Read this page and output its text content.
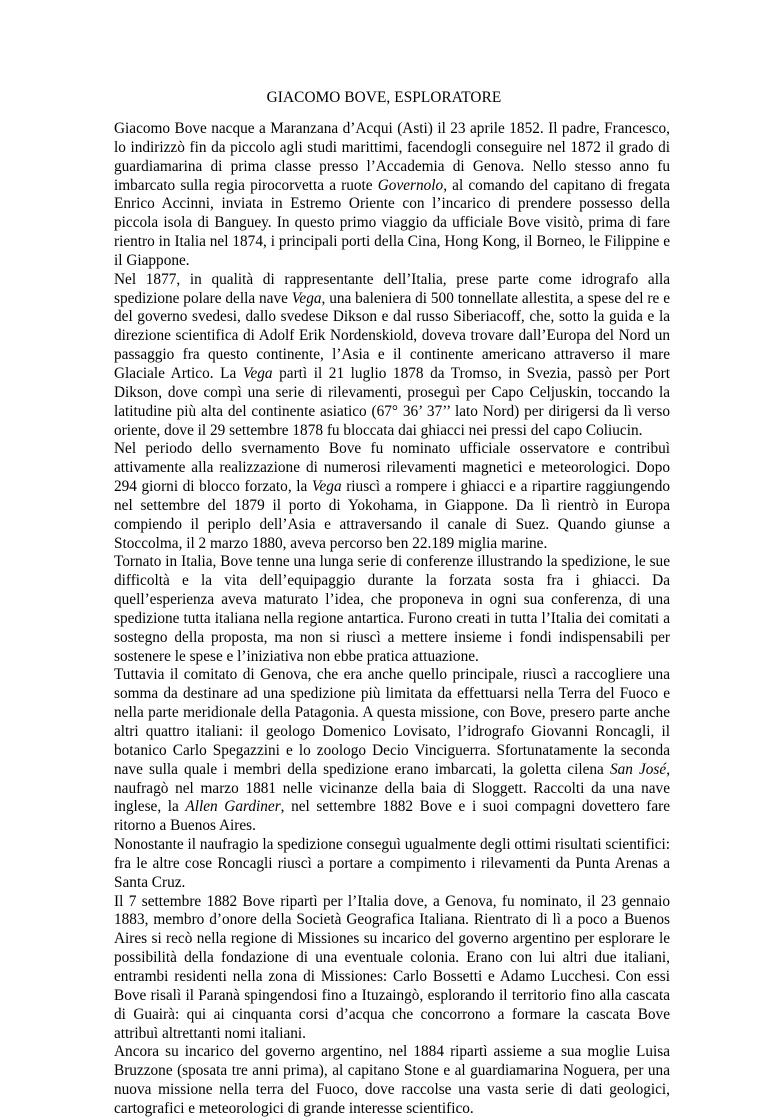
GIACOMO BOVE, ESPLORATORE

Giacomo Bove nacque a Maranzana d’Acqui (Asti) il 23 aprile 1852. Il padre, Francesco, lo indirizzò fin da piccolo agli studi marittimi, facendogli conseguire nel 1872 il grado di guardiamarina di prima classe presso l’Accademia di Genova. Nello stesso anno fu imbarcato sulla regia pirocorvetta a ruote Governolo, al comando del capitano di fregata Enrico Accinni, inviata in Estremo Oriente con l’incarico di prendere possesso della piccola isola di Banguey. In questo primo viaggio da ufficiale Bove visitò, prima di fare rientro in Italia nel 1874, i principali porti della Cina, Hong Kong, il Borneo, le Filippine e il Giappone.

Nel 1877, in qualità di rappresentante dell’Italia, prese parte come idrografo alla spedizione polare della nave Vega, una baleniera di 500 tonnellate allestita, a spese del re e del governo svedesi, dallo svedese Dikson e dal russo Siberiacoff, che, sotto la guida e la direzione scientifica di Adolf Erik Nordenskiold, doveva trovare dall’Europa del Nord un passaggio fra questo continente, l’Asia e il continente americano attraverso il mare Glaciale Artico. La Vega partì il 21 luglio 1878 da Tromso, in Svezia, passò per Port Dikson, dove compì una serie di rilevamenti, proseguì per Capo Celjuskin, toccando la latitudine più alta del continente asiatico (67° 36’ 37’’ lato Nord) per dirigersi da lì verso oriente, dove il 29 settembre 1878 fu bloccata dai ghiacci nei pressi del capo Coliucin.

Nel periodo dello svernamento Bove fu nominato ufficiale osservatore e contribuì attivamente alla realizzazione di numerosi rilevamenti magnetici e meteorologici. Dopo 294 giorni di blocco forzato, la Vega riuscì a rompere i ghiacci e a ripartire raggiungendo nel settembre del 1879 il porto di Yokohama, in Giappone. Da lì rientrò in Europa compiendo il periplo dell’Asia e attraversando il canale di Suez. Quando giunse a Stoccolma, il 2 marzo 1880, aveva percorso ben 22.189 miglia marine.

Tornato in Italia, Bove tenne una lunga serie di conferenze illustrando la spedizione, le sue difficoltà e la vita dell’equipaggio durante la forzata sosta fra i ghiacci. Da quell’esperienza aveva maturato l’idea, che proponeva in ogni sua conferenza, di una spedizione tutta italiana nella regione antartica. Furono creati in tutta l’Italia dei comitati a sostegno della proposta, ma non si riuscì a mettere insieme i fondi indispensabili per sostenere le spese e l’iniziativa non ebbe pratica attuazione.

Tuttavia il comitato di Genova, che era anche quello principale, riuscì a raccogliere una somma da destinare ad una spedizione più limitata da effettuarsi nella Terra del Fuoco e nella parte meridionale della Patagonia. A questa missione, con Bove, presero parte anche altri quattro italiani: il geologo Domenico Lovisato, l’idrografo Giovanni Roncagli, il botanico Carlo Spegazzini e lo zoologo Decio Vinciguerra. Sfortunatamente la seconda nave sulla quale i membri della spedizione erano imbarcati, la goletta cilena San José, naufragò nel marzo 1881 nelle vicinanze della baia di Sloggett. Raccolti da una nave inglese, la Allen Gardiner, nel settembre 1882 Bove e i suoi compagni dovettero fare ritorno a Buenos Aires.

Nonostante il naufragio la spedizione conseguì ugualmente degli ottimi risultati scientifici: fra le altre cose Roncagli riuscì a portare a compimento i rilevamenti da Punta Arenas a Santa Cruz.

Il 7 settembre 1882 Bove ripartì per l’Italia dove, a Genova, fu nominato, il 23 gennaio 1883, membro d’onore della Società Geografica Italiana. Rientrato di lì a poco a Buenos Aires si recò nella regione di Missiones su incarico del governo argentino per esplorare le possibilità della fondazione di una eventuale colonia. Erano con lui altri due italiani, entrambi residenti nella zona di Missiones: Carlo Bossetti e Adamo Lucchesi. Con essi Bove risalì il Paranà spingendosi fino a Ituzaingò, esplorando il territorio fino alla cascata di Guairà: qui ai cinquanta corsi d’acqua che concorrono a formare la cascata Bove attribuì altrettanti nomi italiani.

Ancora su incarico del governo argentino, nel 1884 ripartì assieme a sua moglie Luisa Bruzzone (sposata tre anni prima), al capitano Stone e al guardiamarina Noguera, per una nuova missione nella terra del Fuoco, dove raccolse una vasta serie di dati geologici, cartografici e meteorologici di grande interesse scientifico.
